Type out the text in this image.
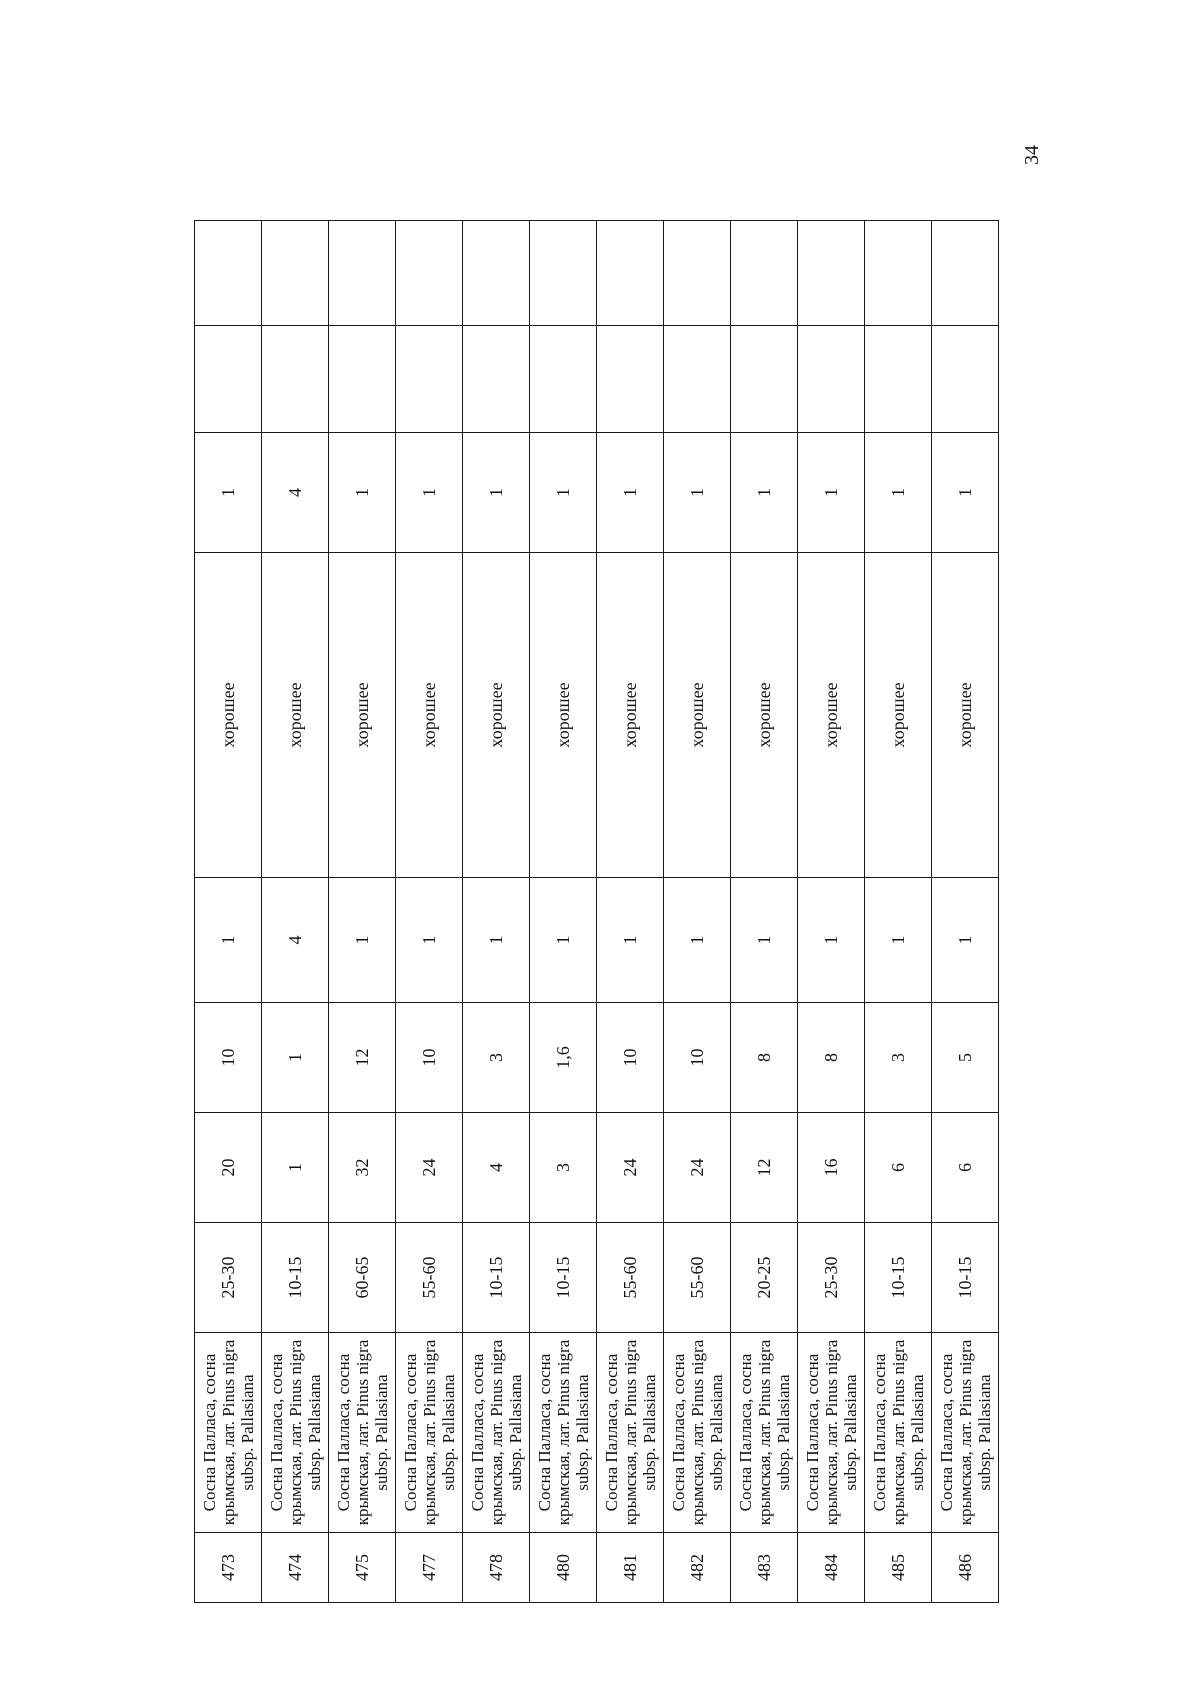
34
473	Сосна Палласа, сосна крымская, лат. Pinus nigra subsp. Pallasiana	25-30	20	10	1	хорошее	1		
474	Сосна Палласа, сосна крымская, лат. Pinus nigra subsp. Pallasiana	10-15	1	1	4	хорошее	4		
475	Сосна Палласа, сосна крымская, лат. Pinus nigra subsp. Pallasiana	60-65	32	12	1	хорошее	1		
477	Сосна Палласа, сосна крымская, лат. Pinus nigra subsp. Pallasiana	55-60	24	10	1	хорошее	1		
478	Сосна Палласа, сосна крымская, лат. Pinus nigra subsp. Pallasiana	10-15	4	3	1	хорошее	1		
480	Сосна Палласа, сосна крымская, лат. Pinus nigra subsp. Pallasiana	10-15	3	1,6	1	хорошее	1		
481	Сосна Палласа, сосна крымская, лат. Pinus nigra subsp. Pallasiana	55-60	24	10	1	хорошее	1		
482	Сосна Палласа, сосна крымская, лат. Pinus nigra subsp. Pallasiana	55-60	24	10	1	хорошее	1		
483	Сосна Палласа, сосна крымская, лат. Pinus nigra subsp. Pallasiana	20-25	12	8	1	хорошее	1		
484	Сосна Палласа, сосна крымская, лат. Pinus nigra subsp. Pallasiana	25-30	16	8	1	хорошее	1		
485	Сосна Палласа, сосна крымская, лат. Pinus nigra subsp. Pallasiana	10-15	6	3	1	хорошее	1		
486	Сосна Палласа, сосна крымская, лат. Pinus nigra subsp. Pallasiana	10-15	6	5	1	хорошее	1		
